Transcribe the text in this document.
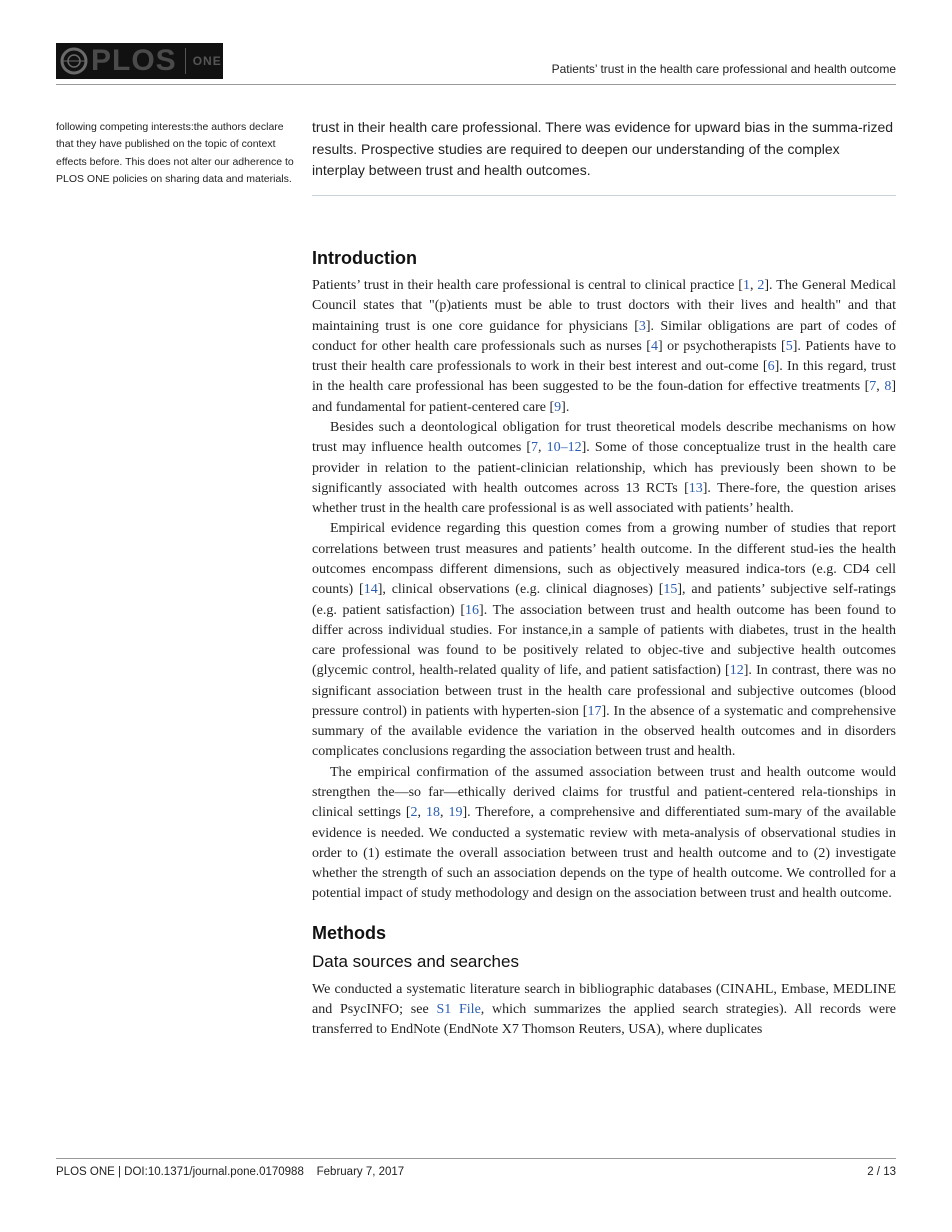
PLOS ONE
Patients’ trust in the health care professional and health outcome
following competing interests:the authors declare that they have published on the topic of context effects before. This does not alter our adherence to PLOS ONE policies on sharing data and materials.
trust in their health care professional. There was evidence for upward bias in the summa-rized results. Prospective studies are required to deepen our understanding of the complex interplay between trust and health outcomes.
Introduction

Patients’ trust in their health care professional is central to clinical practice [1, 2]. The General Medical Council states that "(p)atients must be able to trust doctors with their lives and health" and that maintaining trust is one core guidance for physicians [3]. Similar obligations are part of codes of conduct for other health care professionals such as nurses [4] or psychotherapists [5]. Patients have to trust their health care professionals to work in their best interest and out-come [6]. In this regard, trust in the health care professional has been suggested to be the foun-dation for effective treatments [7, 8] and fundamental for patient-centered care [9].

Besides such a deontological obligation for trust theoretical models describe mechanisms on how trust may influence health outcomes [7, 10–12]. Some of those conceptualize trust in the health care provider in relation to the patient-clinician relationship, which has previously been shown to be significantly associated with health outcomes across 13 RCTs [13]. There-fore, the question arises whether trust in the health care professional is as well associated with patients’ health.

Empirical evidence regarding this question comes from a growing number of studies that report correlations between trust measures and patients’ health outcome. In the different stud-ies the health outcomes encompass different dimensions, such as objectively measured indica-tors (e.g. CD4 cell counts) [14], clinical observations (e.g. clinical diagnoses) [15], and patients’ subjective self-ratings (e.g. patient satisfaction) [16]. The association between trust and health outcome has been found to differ across individual studies. For instance,in a sample of patients with diabetes, trust in the health care professional was found to be positively related to objec-tive and subjective health outcomes (glycemic control, health-related quality of life, and patient satisfaction) [12]. In contrast, there was no significant association between trust in the health care professional and subjective outcomes (blood pressure control) in patients with hyperten-sion [17]. In the absence of a systematic and comprehensive summary of the available evidence the variation in the observed health outcomes and in disorders complicates conclusions regarding the association between trust and health.

The empirical confirmation of the assumed association between trust and health outcome would strengthen the—so far—ethically derived claims for trustful and patient-centered rela-tionships in clinical settings [2, 18, 19]. Therefore, a comprehensive and differentiated sum-mary of the available evidence is needed. We conducted a systematic review with meta-analysis of observational studies in order to (1) estimate the overall association between trust and health outcome and to (2) investigate whether the strength of such an association depends on the type of health outcome. We controlled for a potential impact of study methodology and design on the association between trust and health outcome.

Methods
Data sources and searches

We conducted a systematic literature search in bibliographic databases (CINAHL, Embase, MEDLINE and PsycINFO; see S1 File, which summarizes the applied search strategies). All records were transferred to EndNote (EndNote X7 Thomson Reuters, USA), where duplicates

PLOS ONE | DOI:10.1371/journal.pone.0170988    February 7, 2017	2 / 13
